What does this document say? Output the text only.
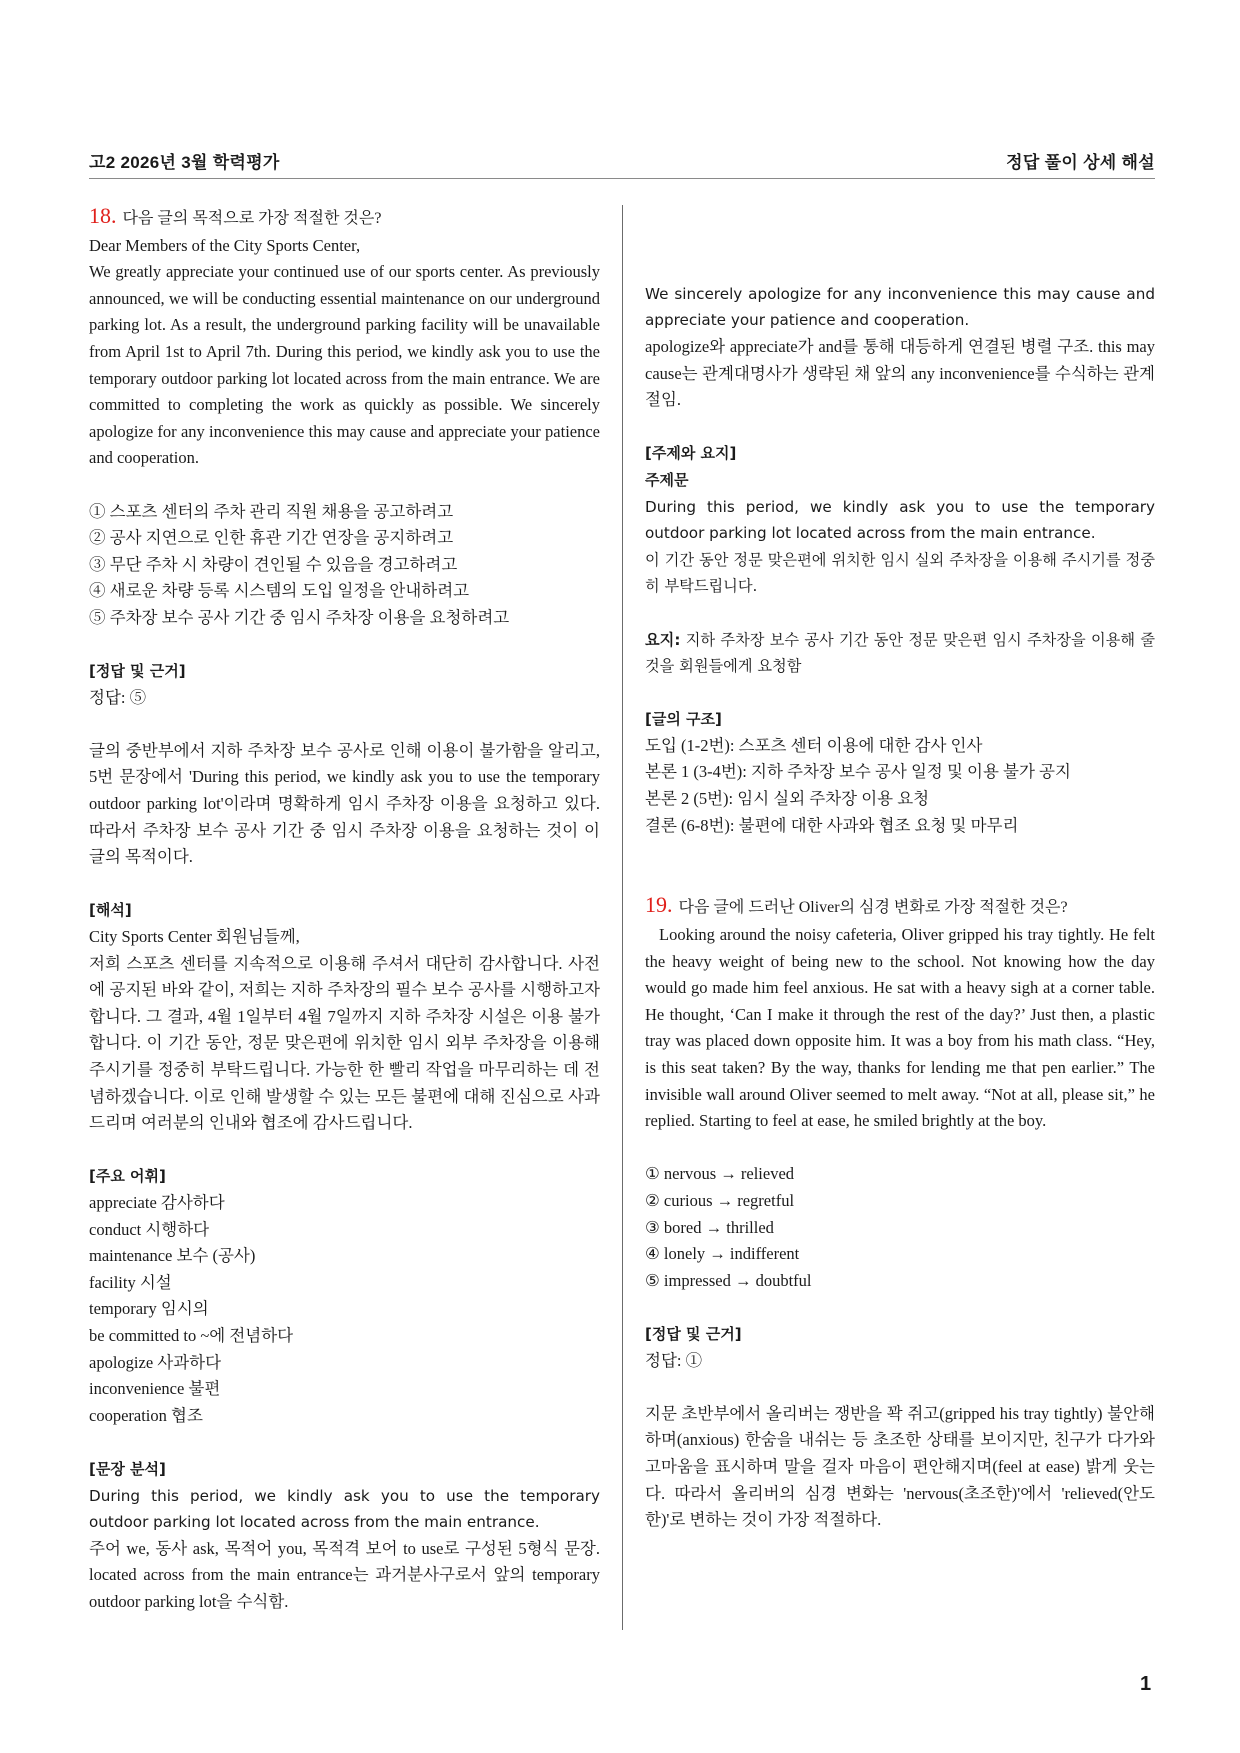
고2 2026년 3월 학력평가	정답 풀이 상세 해설

18. 다음 글의 목적으로 가장 적절한 것은?

Dear Members of the City Sports Center,

We greatly appreciate your continued use of our sports center. As previously announced, we will be conducting essential maintenance on our underground parking lot. As a result, the underground parking facility will be unavailable from April 1st to April 7th. During this period, we kindly ask you to use the temporary outdoor parking lot located across from the main entrance. We are committed to completing the work as quickly as possible. We sincerely apologize for any inconvenience this may cause and appreciate your patience and cooperation.

① 스포츠 센터의 주차 관리 직원 채용을 공고하려고

② 공사 지연으로 인한 휴관 기간 연장을 공지하려고

③ 무단 주차 시 차량이 견인될 수 있음을 경고하려고

④ 새로운 차량 등록 시스템의 도입 일정을 안내하려고

⑤ 주차장 보수 공사 기간 중 임시 주차장 이용을 요청하려고

[정답 및 근거]

정답: ⑤

글의 중반부에서 지하 주차장 보수 공사로 인해 이용이 불가함을 알리고, 5번 문장에서 'During this period, we kindly ask you to use the temporary outdoor parking lot'이라며 명확하게 임시 주차장 이용을 요청하고 있다. 따라서 주차장 보수 공사 기간 중 임시 주차장 이용을 요청하는 것이 이 글의 목적이다.

[해석]

City Sports Center 회원님들께,

저희 스포츠 센터를 지속적으로 이용해 주셔서 대단히 감사합니다. 사전에 공지된 바와 같이, 저희는 지하 주차장의 필수 보수 공사를 시행하고자 합니다. 그 결과, 4월 1일부터 4월 7일까지 지하 주차장 시설은 이용 불가합니다. 이 기간 동안, 정문 맞은편에 위치한 임시 외부 주차장을 이용해 주시기를 정중히 부탁드립니다. 가능한 한 빨리 작업을 마무리하는 데 전념하겠습니다. 이로 인해 발생할 수 있는 모든 불편에 대해 진심으로 사과드리며 여러분의 인내와 협조에 감사드립니다.

[주요 어휘]

appreciate 감사하다

conduct 시행하다

maintenance 보수 (공사)

facility 시설

temporary 임시의

be committed to ~에 전념하다

apologize 사과하다

inconvenience 불편

cooperation 협조

[문장 분석]

During this period, we kindly ask you to use the temporary outdoor parking lot located across from the main entrance.

주어 we, 동사 ask, 목적어 you, 목적격 보어 to use로 구성된 5형식 문장. located across from the main entrance는 과거분사구로서 앞의 temporary outdoor parking lot을 수식함.

We sincerely apologize for any inconvenience this may cause and appreciate your patience and cooperation.

apologize와 appreciate가 and를 통해 대등하게 연결된 병렬 구조. this may cause는 관계대명사가 생략된 채 앞의 any inconvenience를 수식하는 관계절임.

[주제와 요지]

주제문

During this period, we kindly ask you to use the temporary outdoor parking lot located across from the main entrance.

이 기간 동안 정문 맞은편에 위치한 임시 실외 주차장을 이용해 주시기를 정중히 부탁드립니다.

요지: 지하 주차장 보수 공사 기간 동안 정문 맞은편 임시 주차장을 이용해 줄 것을 회원들에게 요청함

[글의 구조]

도입 (1-2번): 스포츠 센터 이용에 대한 감사 인사

본론 1 (3-4번): 지하 주차장 보수 공사 일정 및 이용 불가 공지

본론 2 (5번): 임시 실외 주차장 이용 요청

결론 (6-8번): 불편에 대한 사과와 협조 요청 및 마무리

19. 다음 글에 드러난 Oliver의 심경 변화로 가장 적절한 것은?

Looking around the noisy cafeteria, Oliver gripped his tray tightly. He felt the heavy weight of being new to the school. Not knowing how the day would go made him feel anxious. He sat with a heavy sigh at a corner table. He thought, ‘Can I make it through the rest of the day?’ Just then, a plastic tray was placed down opposite him. It was a boy from his math class. “Hey, is this seat taken? By the way, thanks for lending me that pen earlier.” The invisible wall around Oliver seemed to melt away. “Not at all, please sit,” he replied. Starting to feel at ease, he smiled brightly at the boy.

① nervous → relieved

② curious → regretful

③ bored → thrilled

④ lonely → indifferent

⑤ impressed → doubtful

[정답 및 근거]

정답: ①

지문 초반부에서 올리버는 쟁반을 꽉 쥐고(gripped his tray tightly) 불안해하며(anxious) 한숨을 내쉬는 등 초조한 상태를 보이지만, 친구가 다가와 고마움을 표시하며 말을 걸자 마음이 편안해지며(feel at ease) 밝게 웃는다. 따라서 올리버의 심경 변화는 'nervous(초조한)'에서 'relieved(안도한)'로 변하는 것이 가장 적절하다.

1
